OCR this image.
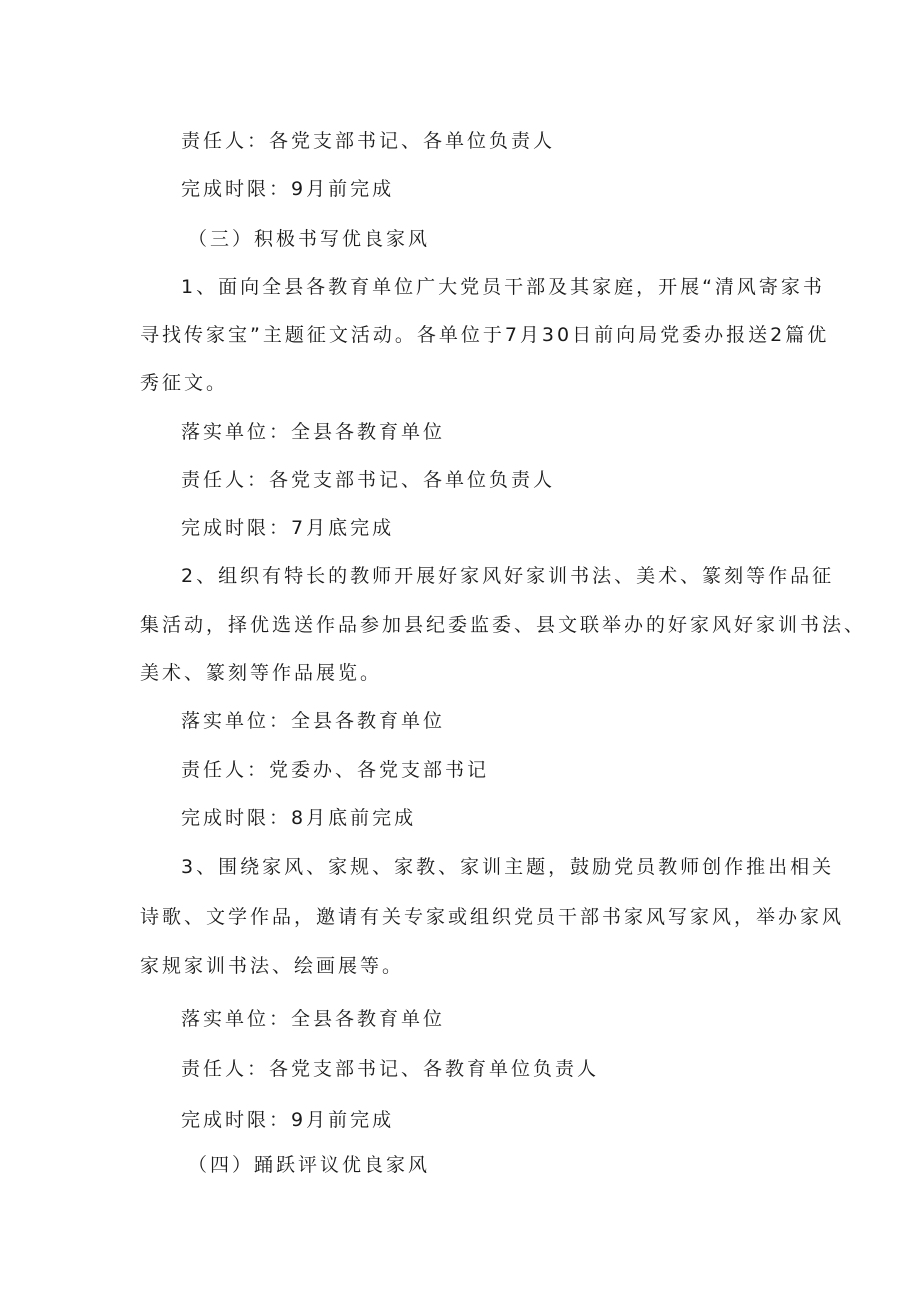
责任人：各党支部书记、各单位负责人
完成时限：9月前完成
（三）积极书写优良家风
1、面向全县各教育单位广大党员干部及其家庭，开展“清风寄家书
寻找传家宝”主题征文活动。各单位于7月30日前向局党委办报送2篇优
秀征文。
落实单位：全县各教育单位
责任人：各党支部书记、各单位负责人
完成时限：7月底完成
2、组织有特长的教师开展好家风好家训书法、美术、篆刻等作品征
集活动，择优选送作品参加县纪委监委、县文联举办的好家风好家训书法、
美术、篆刻等作品展览。
落实单位：全县各教育单位
责任人：党委办、各党支部书记
完成时限：8月底前完成
3、围绕家风、家规、家教、家训主题，鼓励党员教师创作推出相关
诗歌、文学作品，邀请有关专家或组织党员干部书家风写家风，举办家风
家规家训书法、绘画展等。
落实单位：全县各教育单位
责任人：各党支部书记、各教育单位负责人
完成时限：9月前完成
（四）踊跃评议优良家风
